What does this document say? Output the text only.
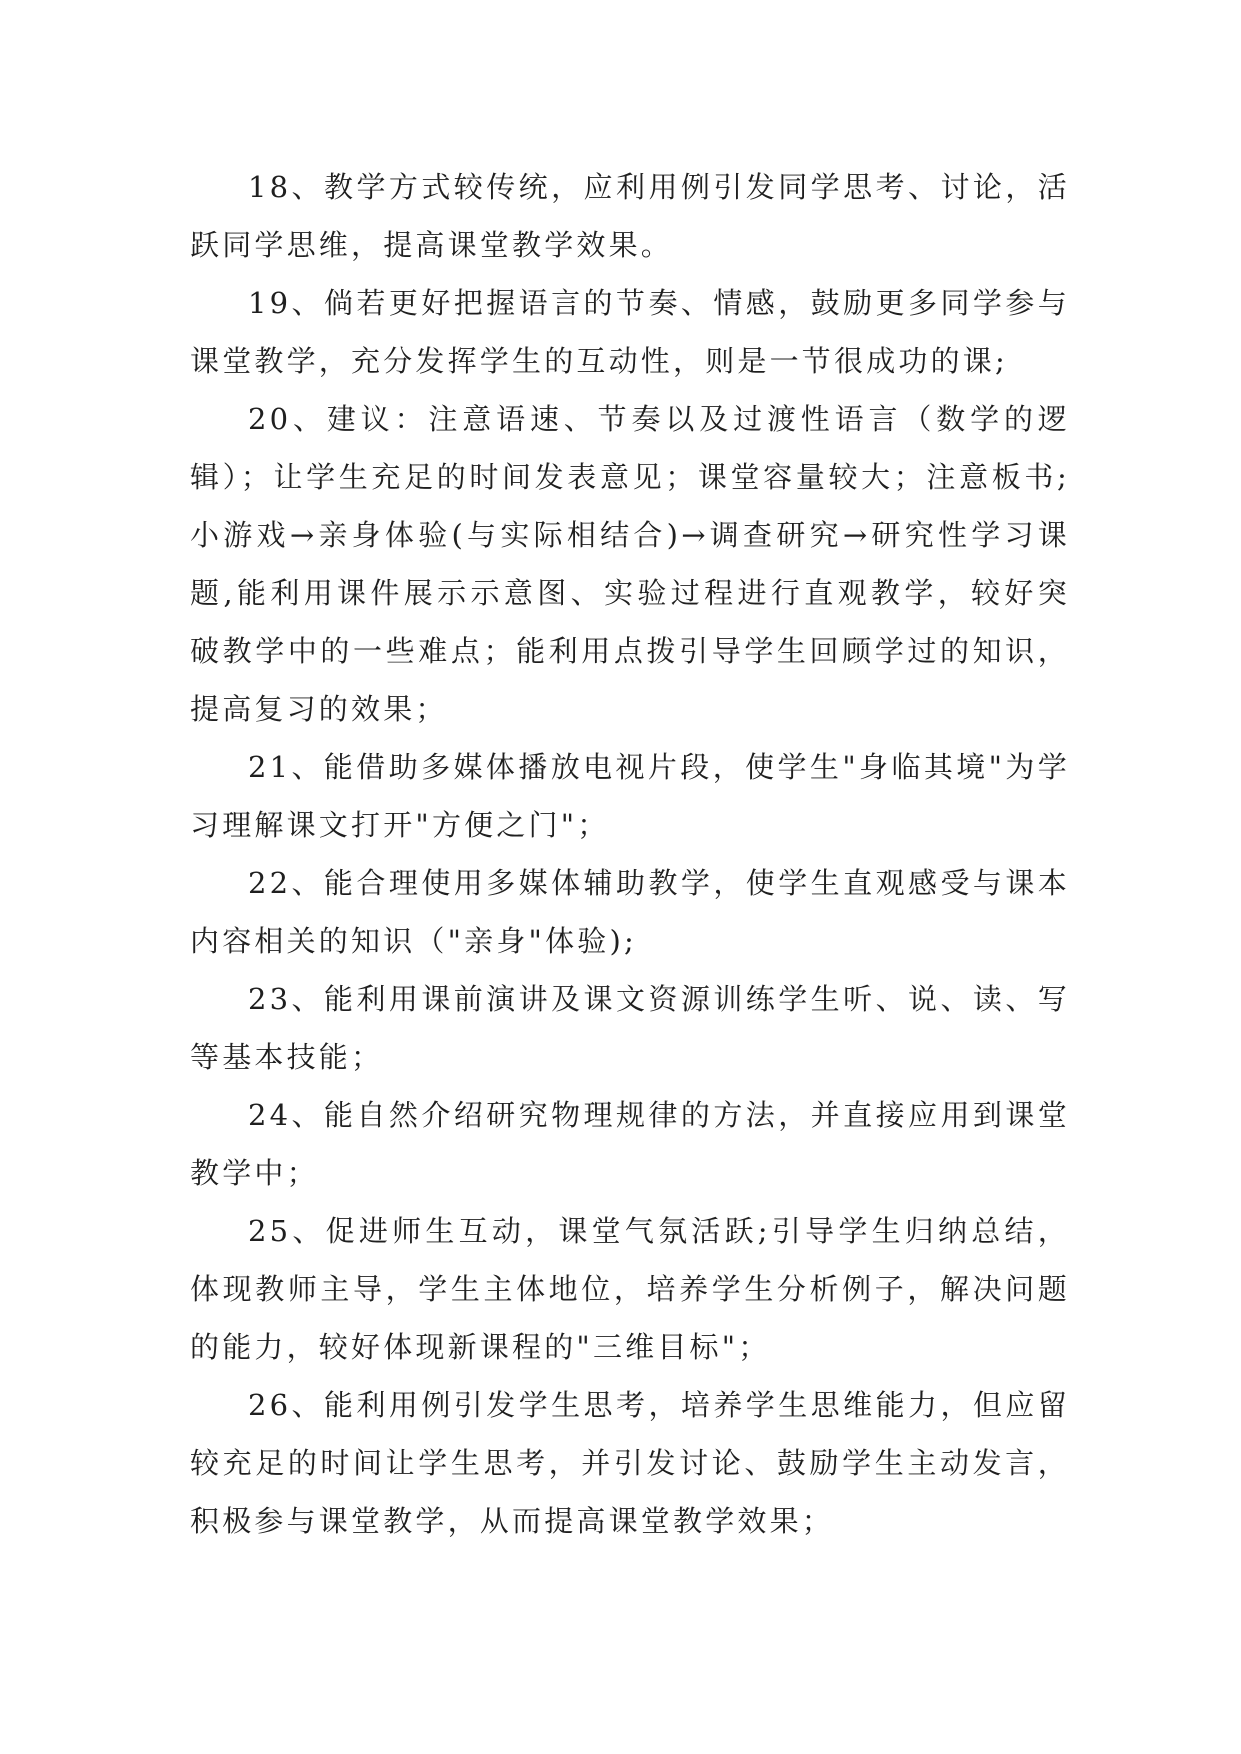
18、教学方式较传统，应利用例引发同学思考、讨论，活跃同学思维，提高课堂教学效果。

19、倘若更好把握语言的节奏、情感，鼓励更多同学参与课堂教学，充分发挥学生的互动性，则是一节很成功的课;

20、建议：注意语速、节奏以及过渡性语言（数学的逻辑）；让学生充足的时间发表意见；课堂容量较大；注意板书;小游戏→亲身体验(与实际相结合)→调查研究→研究性学习课题,能利用课件展示示意图、实验过程进行直观教学，较好突破教学中的一些难点；能利用点拨引导学生回顾学过的知识，提高复习的效果；

21、能借助多媒体播放电视片段，使学生"身临其境"为学习理解课文打开"方便之门"；

22、能合理使用多媒体辅助教学，使学生直观感受与课本内容相关的知识（"亲身"体验);

23、能利用课前演讲及课文资源训练学生听、说、读、写等基本技能；

24、能自然介绍研究物理规律的方法，并直接应用到课堂教学中；

25、促进师生互动，课堂气氛活跃;引导学生归纳总结，体现教师主导，学生主体地位，培养学生分析例子，解决问题的能力，较好体现新课程的"三维目标"；

26、能利用例引发学生思考，培养学生思维能力，但应留较充足的时间让学生思考，并引发讨论、鼓励学生主动发言，积极参与课堂教学，从而提高课堂教学效果；
